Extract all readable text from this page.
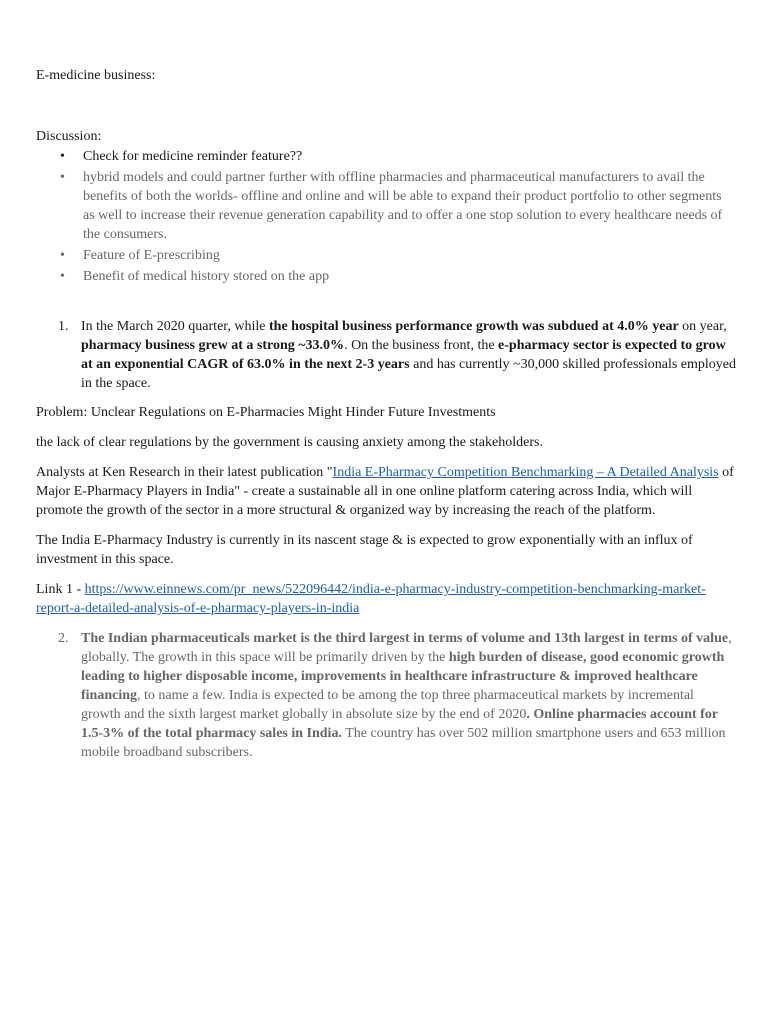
E-medicine business:

Discussion:

• Check for medicine reminder feature??
• hybrid models and could partner further with offline pharmacies and pharmaceutical manufacturers to avail the benefits of both the worlds- offline and online and will be able to expand their product portfolio to other segments as well to increase their revenue generation capability and to offer a one stop solution to every healthcare needs of the consumers.
• Feature of E-prescribing
• Benefit of medical history stored on the app
1. In the March 2020 quarter, while the hospital business performance growth was subdued at 4.0% year on year, pharmacy business grew at a strong ~33.0%. On the business front, the e-pharmacy sector is expected to grow at an exponential CAGR of 63.0% in the next 2-3 years and has currently ~30,000 skilled professionals employed in the space.

Problem: Unclear Regulations on E-Pharmacies Might Hinder Future Investments

the lack of clear regulations by the government is causing anxiety among the stakeholders.

Analysts at Ken Research in their latest publication "India E-Pharmacy Competition Benchmarking – A Detailed Analysis of Major E-Pharmacy Players in India" - create a sustainable all in one online platform catering across India, which will promote the growth of the sector in a more structural & organized way by increasing the reach of the platform.

The India E-Pharmacy Industry is currently in its nascent stage & is expected to grow exponentially with an influx of investment in this space.

Link 1 - https://www.einnews.com/pr_news/522096442/india-e-pharmacy-industry-competition-benchmarking-market-report-a-detailed-analysis-of-e-pharmacy-players-in-india

2. The Indian pharmaceuticals market is the third largest in terms of volume and 13th largest in terms of value, globally. The growth in this space will be primarily driven by the high burden of disease, good economic growth leading to higher disposable income, improvements in healthcare infrastructure & improved healthcare financing, to name a few. India is expected to be among the top three pharmaceutical markets by incremental growth and the sixth largest market globally in absolute size by the end of 2020. Online pharmacies account for 1.5-3% of the total pharmacy sales in India. The country has over 502 million smartphone users and 653 million mobile broadband subscribers.
